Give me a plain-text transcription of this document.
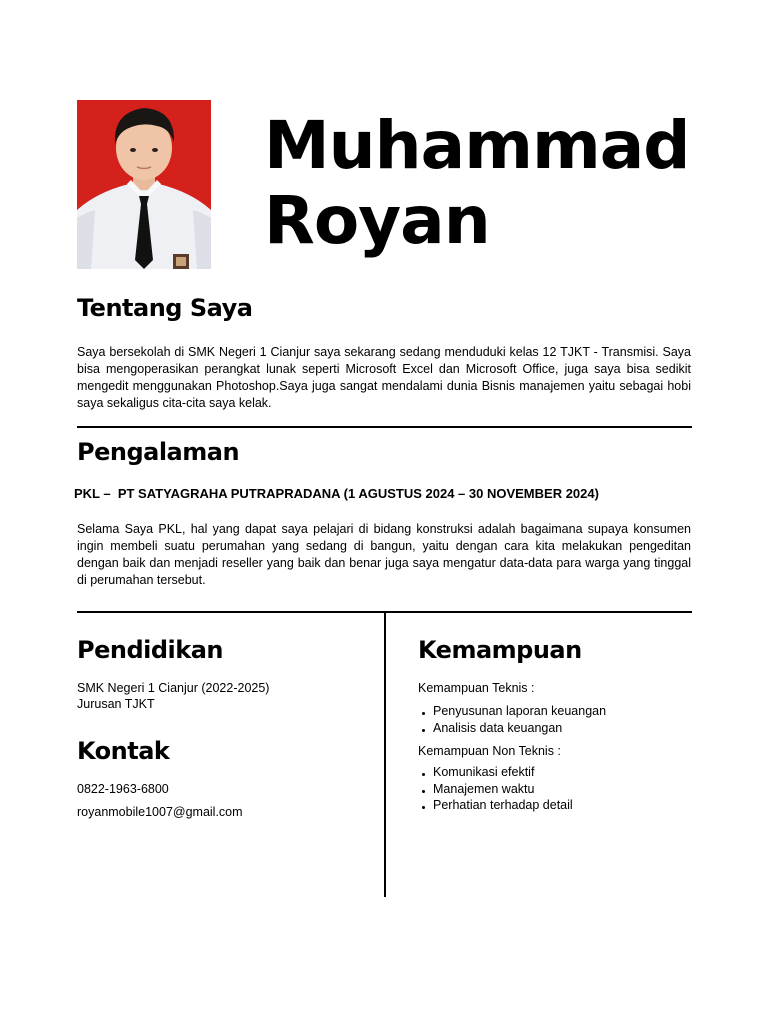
Muhammad
Royan
Tentang Saya
Saya bersekolah di SMK Negeri 1 Cianjur saya sekarang sedang menduduki kelas 12 TJKT - Transmisi. Saya bisa mengoperasikan perangkat lunak seperti Microsoft Excel dan Microsoft Office, juga saya bisa sedikit mengedit menggunakan Photoshop.Saya juga sangat mendalami dunia Bisnis manajemen yaitu sebagai hobi saya sekaligus cita-cita saya kelak.
Pengalaman
PKL –  PT SATYAGRAHA PUTRAPRADANA (1 AGUSTUS 2024 – 30 NOVEMBER 2024)
Selama Saya PKL, hal yang dapat saya pelajari di bidang konstruksi adalah bagaimana supaya konsumen ingin membeli suatu perumahan yang sedang di bangun, yaitu dengan cara kita melakukan pengeditan dengan baik dan menjadi reseller yang baik dan benar juga saya mengatur data-data para warga yang tinggal di perumahan tersebut.
Pendidikan
SMK Negeri 1 Cianjur (2022-2025)
Jurusan TJKT
Kontak
0822-1963-6800
royanmobile1007@gmail.com
Kemampuan
Kemampuan Teknis :
Penyusunan laporan keuangan
Analisis data keuangan
Kemampuan Non Teknis :
Komunikasi efektif
Manajemen waktu
Perhatian terhadap detail
